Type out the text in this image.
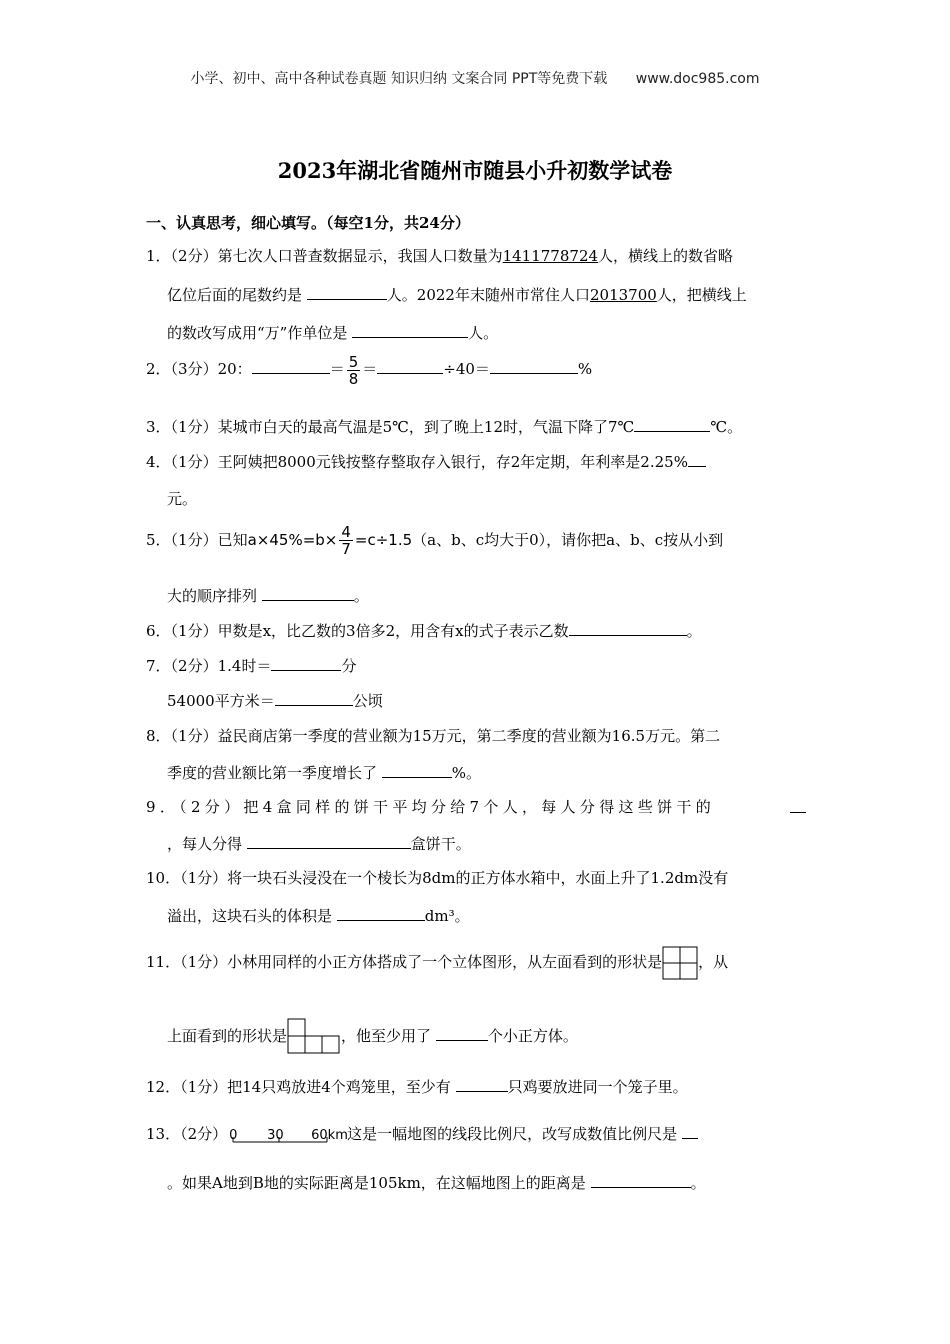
小学、初中、高中各种试卷真题 知识归纳 文案合同 PPT等免费下载 www.doc985.com
2023年湖北省随州市随县小升初数学试卷
一、认真思考，细心填写。（每空1分，共24分）
1．（2分）第七次人口普查数据显示，我国人口数量为1411778724人，横线上的数省略
亿位后面的尾数约是	人。2022年末随州市常住人口2013700人，把横线上
的数改写成用“万”作单位是	人。
2．（3分）20：	＝ $\frac{5}{8}$ ＝	÷40＝	%
3．（1分）某城市白天的最高气温是5℃，到了晚上12时，气温下降了7℃	℃。
4．（1分）王阿姨把8000元钱按整存整取存入银行，存2年定期，年利率是2.25%
元。
5．（1分）已知$a\times 45\%=b\times \frac{4}{7} =c\div 1.5(a$、b、c均大于0），请你把a、b、c按从小到
大的顺序排列	。
6．（1分）甲数是x，比乙数的3倍多2，用含有x的式子表示乙数	。
7．（2分）1.4时＝	分
54000平方米＝	公顷
8．（1分）益民商店第一季度的营业额为15万元，第二季度的营业额为16.5万元。第二
季度的营业额比第一季度增长了	%。
9．（2分）把4盒同样的饼干平均分给7个人，每人分得这些饼干的
，每人分得	盒饼干。
10．（1分）将一块石头浸没在一个棱长为8dm的正方体水箱中，水面上升了1.2dm没有
溢出，这块石头的体积是	dm³。
11．（1分）小林用同样的小正方体搭成了一个立体图形，从左面看到的形状是 ，从
上面看到的形状是	，他至少用了	个小正方体。
12．（1分）把14只鸡放进4个鸡笼里，至少有	只鸡要放进同一个笼子里。
13．（2分） 0 30 60km 这是一幅地图的线段比例尺，改写成数值比例尺是
。如果A地到B地的实际距离是105km，在这幅地图上的距离是	。
